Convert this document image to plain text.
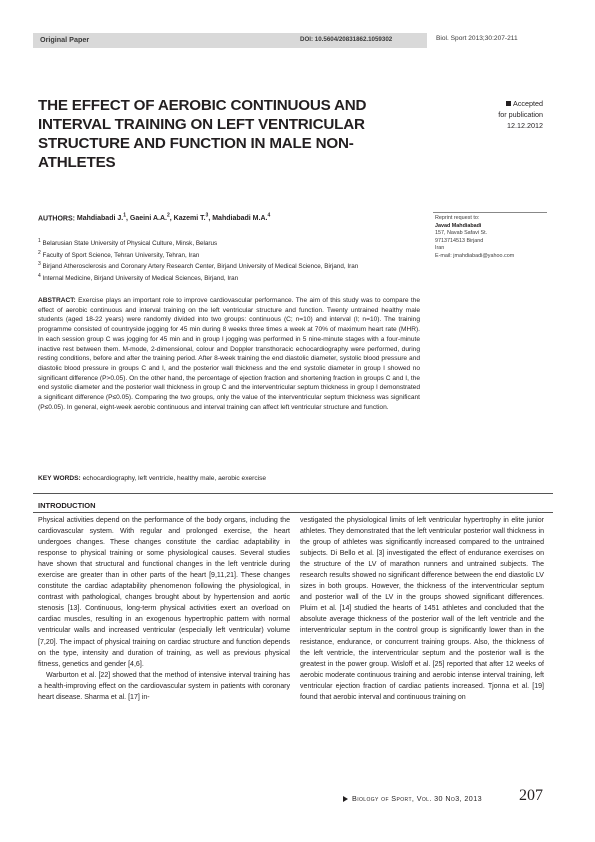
Original Paper	DOI: 10.5604/20831862.1059302	Biol. Sport 2013;30:207-211
THE EFFECT OF AEROBIC CONTINUOUS AND INTERVAL TRAINING ON LEFT VENTRICULAR STRUCTURE AND FUNCTION IN MALE NON-ATHLETES
Accepted
for publication
12.12.2012
AUTHORS: Mahdiabadi J.$^1$, Gaeini A.A.$^2$, Kazemi T.$^3$, Mahdiabadi M.A.$^4$
$^1$ Belarusian State University of Physical Culture, Minsk, Belarus
$^2$ Faculty of Sport Science, Tehran University, Tehran, Iran
$^3$ Birjand Atherosclerosis and Coronary Artery Research Center, Birjand University of Medical Science, Birjand, Iran
$^4$ Internal Medicine, Birjand University of Medical Sciences, Birjand, Iran
Reprint request to:
Javad Mahdiabadi
157, Navab Safavi St.
9713714513 Birjand
Iran
E-mail: jmahdiabadi@yahoo.com
ABSTRACT: Exercise plays an important role to improve cardiovascular performance. The aim of this study was to compare the effect of aerobic continuous and interval training on the left ventricular structure and function. Twenty untrained healthy male students (aged 18-22 years) were randomly divided into two groups: continuous (C; n=10) and interval (I; n=10). The training programme consisted of countryside jogging for 45 min during 8 weeks three times a week at 70% of maximum heart rate (MHR). In each session group C was jogging for 45 min and in group I jogging was performed in 5 nine-minute stages with a four-minute inactive rest between them. M-mode, 2-dimensional, colour and Doppler transthoracic echocardiography were performed, during resting conditions, before and after the training period. After 8-week training the end diastolic diameter, systolic blood pressure and diastolic blood pressure in groups C and I, and the posterior wall thickness and the end systolic diameter in group I showed no significant difference (P>0.05). On the other hand, the percentage of ejection fraction and shortening fraction in groups C and I, the end systolic diameter and the posterior wall thickness in group C and the interventricular septum thickness in group I demonstrated a significant difference (P≤0.05). Comparing the two groups, only the value of the interventricular septum thickness was significant (P≤0.05). In general, eight-week aerobic continuous and interval training can affect left ventricular structure and function.
KEY WORDS: echocardiography, left ventricle, healthy male, aerobic exercise
INTRODUCTION

Physical activities depend on the performance of the body organs, including the cardiovascular system. With regular and prolonged exercise, the heart undergoes changes. These changes constitute the cardiac adaptability in response to physical training or some physiological causes. Several studies have shown that structural and functional changes in the left ventricle during exercise are greater than in other parts of the heart [9,11,21]. These changes constitute the cardiac adaptability phenomenon following the physiological, in contrast with pathological, changes brought about by hypertension and aortic stenosis [13]. Continuous, long-term physical activities exert an overload on cardiac muscles, resulting in an exogenous hypertrophic pattern with normal ventricular walls and increased ventricular (especially left ventricular) volume [7,20]. The impact of physical training on cardiac structure and function depends on the type, intensity and duration of training, as well as previous physical fitness, genetics and gender [4,6].

Warburton et al. [22] showed that the method of intensive interval training has a health-improving effect on the cardiovascular system in patients with coronary heart disease. Sharma et al. [17] in-

vestigated the physiological limits of left ventricular hypertrophy in elite junior athletes. They demonstrated that the left ventricular posterior wall thickness in the group of athletes was significantly increased compared to the untrained subjects. Di Bello et al. [3] investigated the effect of endurance exercises on the structure of the LV of marathon runners and untrained subjects. The research results showed no significant difference between the end diastolic LV sizes in both groups. However, the thickness of the interventricular septum and posterior wall of the LV in the groups showed significant differences. Pluim et al. [14] studied the hearts of 1451 athletes and concluded that the absolute average thickness of the posterior wall of the left ventricle and the interventricular septum in the control group is significantly lower than in the resistance, endurance, or concurrent training groups. Also, the thickness of the left ventricle, the interventricular septum and the posterior wall is the greatest in the power group. Wisloff et al. [25] reported that after 12 weeks of aerobic moderate continuous training and aerobic intense interval training, left ventricular ejection fraction of cardiac patients increased. Tjonna et al. [19] found that aerobic interval and continuous training on

Biology of Sport, Vol. 30 No3, 2013 207
